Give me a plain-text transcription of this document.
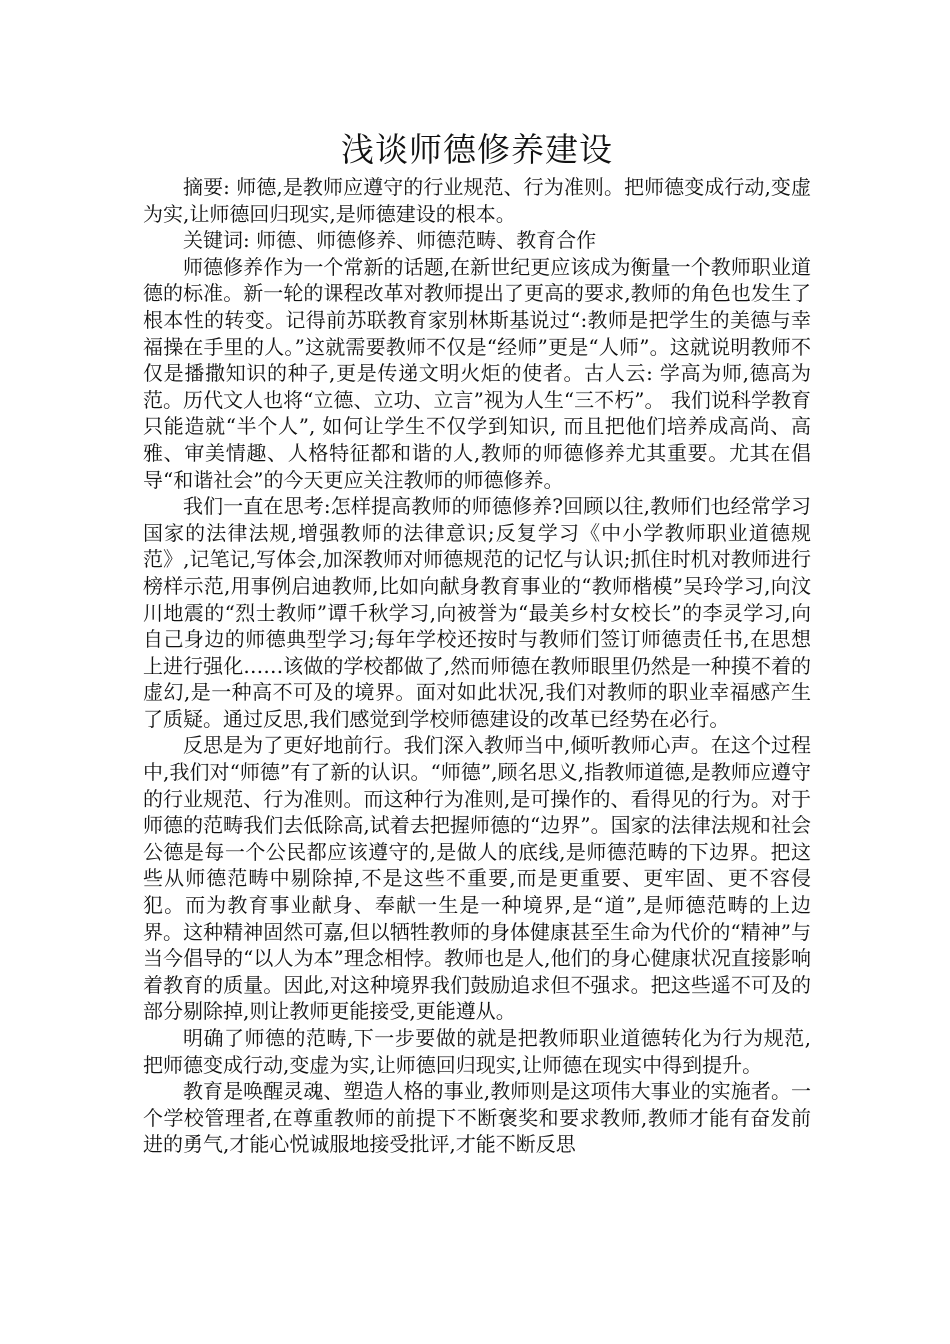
浅谈师德修养建设

摘要: 师德,是教师应遵守的行业规范、行为准则。把师德变成行动,变虚为实,让师德回归现实,是师德建设的根本。

关键词: 师德、师德修养、师德范畴、教育合作

师德修养作为一个常新的话题,在新世纪更应该成为衡量一个教师职业道德的标准。新一轮的课程改革对教师提出了更高的要求,教师的角色也发生了根本性的转变。记得前苏联教育家别林斯基说过“:教师是把学生的美德与幸福操在手里的人。”这就需要教师不仅是“经师”更是“人师”。这就说明教师不仅是播撒知识的种子,更是传递文明火炬的使者。古人云: 学高为师,德高为范。历代文人也将“立德、立功、立言”视为人生“三不朽”。 我们说科学教育只能造就“半个人”, 如何让学生不仅学到知识, 而且把他们培养成高尚、高雅、审美情趣、人格特征都和谐的人,教师的师德修养尤其重要。尤其在倡导“和谐社会”的今天更应关注教师的师德修养。

我们一直在思考:怎样提高教师的师德修养?回顾以往,教师们也经常学习国家的法律法规,增强教师的法律意识;反复学习《中小学教师职业道德规范》,记笔记,写体会,加深教师对师德规范的记忆与认识;抓住时机对教师进行榜样示范,用事例启迪教师,比如向献身教育事业的“教师楷模”吴玲学习,向汶川地震的“烈士教师”谭千秋学习,向被誉为“最美乡村女校长”的李灵学习,向自己身边的师德典型学习;每年学校还按时与教师们签订师德责任书,在思想上进行强化……该做的学校都做了,然而师德在教师眼里仍然是一种摸不着的虚幻,是一种高不可及的境界。面对如此状况,我们对教师的职业幸福感产生了质疑。通过反思,我们感觉到学校师德建设的改革已经势在必行。

反思是为了更好地前行。我们深入教师当中,倾听教师心声。在这个过程中,我们对“师德”有了新的认识。“师德”,顾名思义,指教师道德,是教师应遵守的行业规范、行为准则。而这种行为准则,是可操作的、看得见的行为。对于师德的范畴我们去低除高,试着去把握师德的“边界”。国家的法律法规和社会公德是每一个公民都应该遵守的,是做人的底线,是师德范畴的下边界。把这些从师德范畴中剔除掉,不是这些不重要,而是更重要、更牢固、更不容侵犯。而为教育事业献身、奉献一生是一种境界,是“道”,是师德范畴的上边界。这种精神固然可嘉,但以牺牲教师的身体健康甚至生命为代价的“精神”与当今倡导的“以人为本”理念相悖。教师也是人,他们的身心健康状况直接影响着教育的质量。因此,对这种境界我们鼓励追求但不强求。把这些遥不可及的部分剔除掉,则让教师更能接受,更能遵从。

明确了师德的范畴,下一步要做的就是把教师职业道德转化为行为规范,把师德变成行动,变虚为实,让师德回归现实,让师德在现实中得到提升。

教育是唤醒灵魂、塑造人格的事业,教师则是这项伟大事业的实施者。一个学校管理者,在尊重教师的前提下不断褒奖和要求教师,教师才能有奋发前进的勇气,才能心悦诚服地接受批评,才能不断反思
